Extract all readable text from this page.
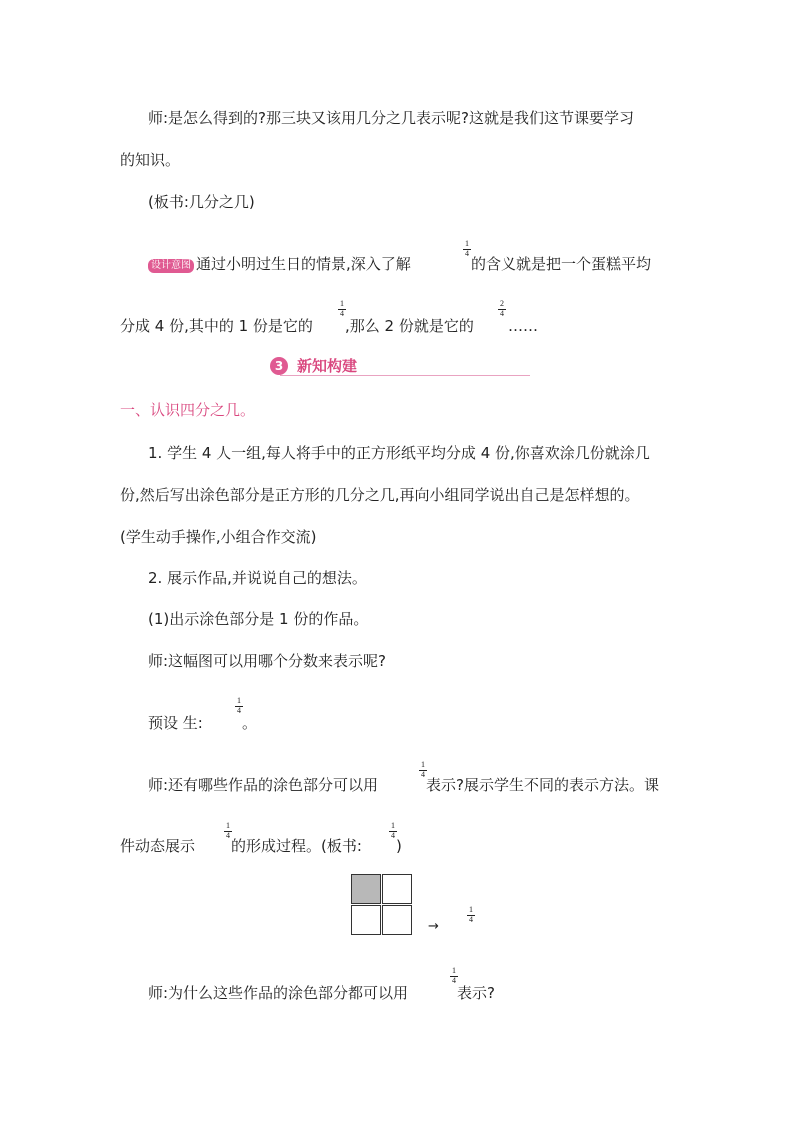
师:是怎么得到的?那三块又该用几分之几表示呢?这就是我们这节课要学习
的知识。
(板书:几分之几)
设计意图 通过小明过生日的情景,深入了解
1
4
的含义就是把一个蛋糕平均
分成 4 份,其中的 1 份是它的
1
4
,那么 2 份就是它的
2
4
……
3 新知构建
一、认识四分之几。
1. 学生 4 人一组,每人将手中的正方形纸平均分成 4 份,你喜欢涂几份就涂几
份,然后写出涂色部分是正方形的几分之几,再向小组同学说出自己是怎样想的。
(学生动手操作,小组合作交流)
2. 展示作品,并说说自己的想法。
(1)出示涂色部分是 1 份的作品。
师:这幅图可以用哪个分数来表示呢?
预设 生:
1
4
。
师:还有哪些作品的涂色部分可以用
1
4
表示?展示学生不同的表示方法。课
件动态展示
1
4
的形成过程。(板书:
1
4
)
→
1
4
师:为什么这些作品的涂色部分都可以用
1
4
表示?
